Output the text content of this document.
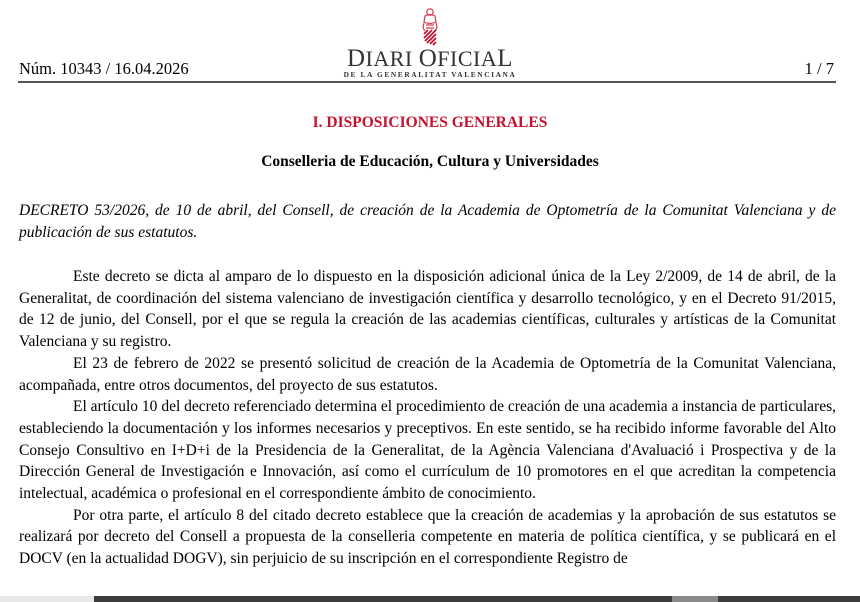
Núm. 10343 / 16.04.2026	DIARI OFICIAL
DE LA GENERALITAT VALENCIANA	1 / 7
I. DISPOSICIONES GENERALES
Conselleria de Educación, Cultura y Universidades
DECRETO 53/2026, de 10 de abril, del Consell, de creación de la Academia de Optometría de la Comunitat Valenciana y de publicación de sus estatutos.

Este decreto se dicta al amparo de lo dispuesto en la disposición adicional única de la Ley 2/2009, de 14 de abril, de la Generalitat, de coordinación del sistema valenciano de investigación científica y desarrollo tecnológico, y en el Decreto 91/2015, de 12 de junio, del Consell, por el que se regula la creación de las academias científicas, culturales y artísticas de la Comunitat Valenciana y su registro.

El 23 de febrero de 2022 se presentó solicitud de creación de la Academia de Optometría de la Comunitat Valenciana, acompañada, entre otros documentos, del proyecto de sus estatutos.

El artículo 10 del decreto referenciado determina el procedimiento de creación de una academia a instancia de particulares, estableciendo la documentación y los informes necesarios y preceptivos. En este sentido, se ha recibido informe favorable del Alto Consejo Consultivo en I+D+i de la Presidencia de la Generalitat, de la Agència Valenciana d'Avaluació i Prospectiva y de la Dirección General de Investigación e Innovación, así como el currículum de 10 promotores en el que acreditan la competencia intelectual, académica o profesional en el correspondiente ámbito de conocimiento.

Por otra parte, el artículo 8 del citado decreto establece que la creación de academias y la aprobación de sus estatutos se realizará por decreto del Consell a propuesta de la conselleria competente en materia de política científica, y se publicará en el DOCV (en la actualidad DOGV), sin perjuicio de su inscripción en el correspondiente Registro de
